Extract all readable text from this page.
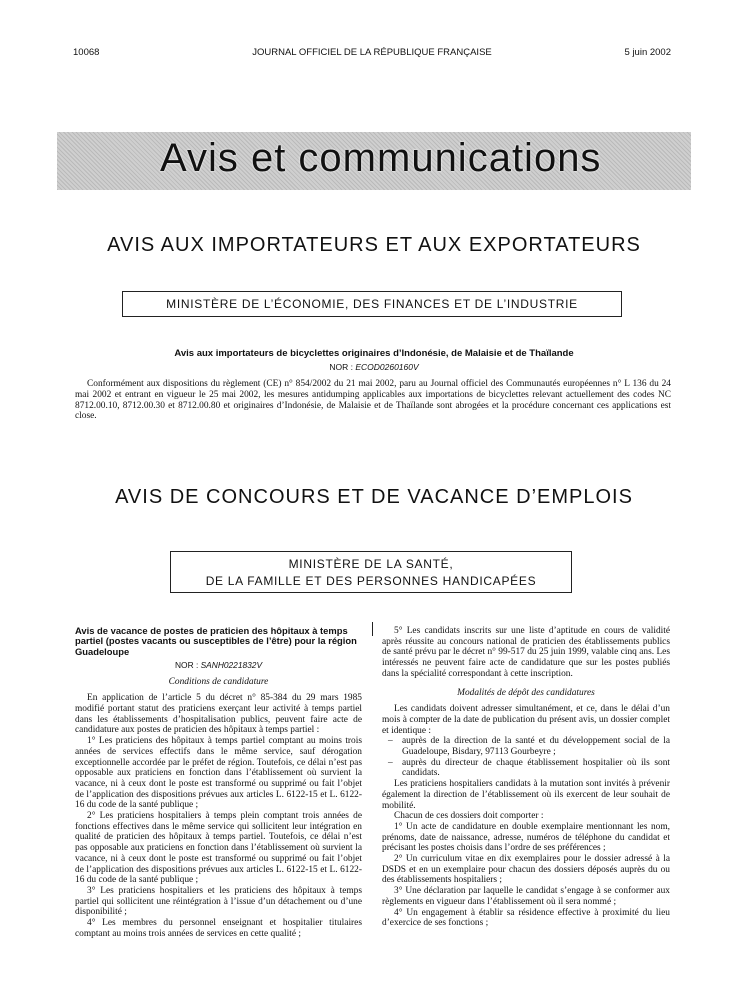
10068	JOURNAL OFFICIEL DE LA RÉPUBLIQUE FRANÇAISE	5 juin 2002
Avis et communications
AVIS AUX IMPORTATEURS ET AUX EXPORTATEURS
MINISTÈRE DE L’ÉCONOMIE, DES FINANCES ET DE L’INDUSTRIE
Avis aux importateurs de bicyclettes originaires d’Indonésie, de Malaisie et de Thaïlande
NOR : ECOD0260160V
Conformément aux dispositions du règlement (CE) n° 854/2002 du 21 mai 2002, paru au Journal officiel des Communautés européennes n° L 136 du 24 mai 2002 et entrant en vigueur le 25 mai 2002, les mesures antidumping applicables aux importations de bicyclettes relevant actuellement des codes NC 8712.00.10, 8712.00.30 et 8712.00.80 et originaires d’Indonésie, de Malaisie et de Thaïlande sont abrogées et la procédure concernant ces applications est close.
AVIS DE CONCOURS ET DE VACANCE D’EMPLOIS
MINISTÈRE DE LA SANTÉ,
DE LA FAMILLE ET DES PERSONNES HANDICAPÉES

Avis de vacance de postes de praticien des hôpitaux à temps partiel (postes vacants ou susceptibles de l’être) pour la région Guadeloupe

NOR : SANH0221832V

Conditions de candidature

En application de l’article 5 du décret n° 85-384 du 29 mars 1985 modifié portant statut des praticiens exerçant leur activité à temps partiel dans les établissements d’hospitalisation publics, peuvent faire acte de candidature aux postes de praticien des hôpitaux à temps partiel :

1° Les praticiens des hôpitaux à temps partiel comptant au moins trois années de services effectifs dans le même service, sauf dérogation exceptionnelle accordée par le préfet de région. Toutefois, ce délai n’est pas opposable aux praticiens en fonction dans l’établissement où survient la vacance, ni à ceux dont le poste est transformé ou supprimé ou fait l’objet de l’application des dispositions prévues aux articles L. 6122-15 et L. 6122-16 du code de la santé publique ;

2° Les praticiens hospitaliers à temps plein comptant trois années de fonctions effectives dans le même service qui sollicitent leur intégration en qualité de praticien des hôpitaux à temps partiel. Toutefois, ce délai n’est pas opposable aux praticiens en fonction dans l’établissement où survient la vacance, ni à ceux dont le poste est transformé ou supprimé ou fait l’objet de l’application des dispositions prévues aux articles L. 6122-15 et L. 6122-16 du code de la santé publique ;

3° Les praticiens hospitaliers et les praticiens des hôpitaux à temps partiel qui sollicitent une réintégration à l’issue d’un détachement ou d’une disponibilité ;

4° Les membres du personnel enseignant et hospitalier titulaires comptant au moins trois années de services en cette qualité ;

5° Les candidats inscrits sur une liste d’aptitude en cours de validité après réussite au concours national de praticien des établissements publics de santé prévu par le décret n° 99-517 du 25 juin 1999, valable cinq ans. Les intéressés ne peuvent faire acte de candidature que sur les postes publiés dans la spécialité correspondant à cette inscription.

Modalités de dépôt des candidatures

Les candidats doivent adresser simultanément, et ce, dans le délai d’un mois à compter de la date de publication du présent avis, un dossier complet et identique :

– auprès de la direction de la santé et du développement social de la Guadeloupe, Bisdary, 97113 Gourbeyre ;

– auprès du directeur de chaque établissement hospitalier où ils sont candidats.

Les praticiens hospitaliers candidats à la mutation sont invités à prévenir également la direction de l’établissement où ils exercent de leur souhait de mobilité.

Chacun de ces dossiers doit comporter :

1° Un acte de candidature en double exemplaire mentionnant les nom, prénoms, date de naissance, adresse, numéros de téléphone du candidat et précisant les postes choisis dans l’ordre de ses préférences ;

2° Un curriculum vitae en dix exemplaires pour le dossier adressé à la DSDS et en un exemplaire pour chacun des dossiers déposés auprès du ou des établissements hospitaliers ;

3° Une déclaration par laquelle le candidat s’engage à se conformer aux règlements en vigueur dans l’établissement où il sera nommé ;

4° Un engagement à établir sa résidence effective à proximité du lieu d’exercice de ses fonctions ;
